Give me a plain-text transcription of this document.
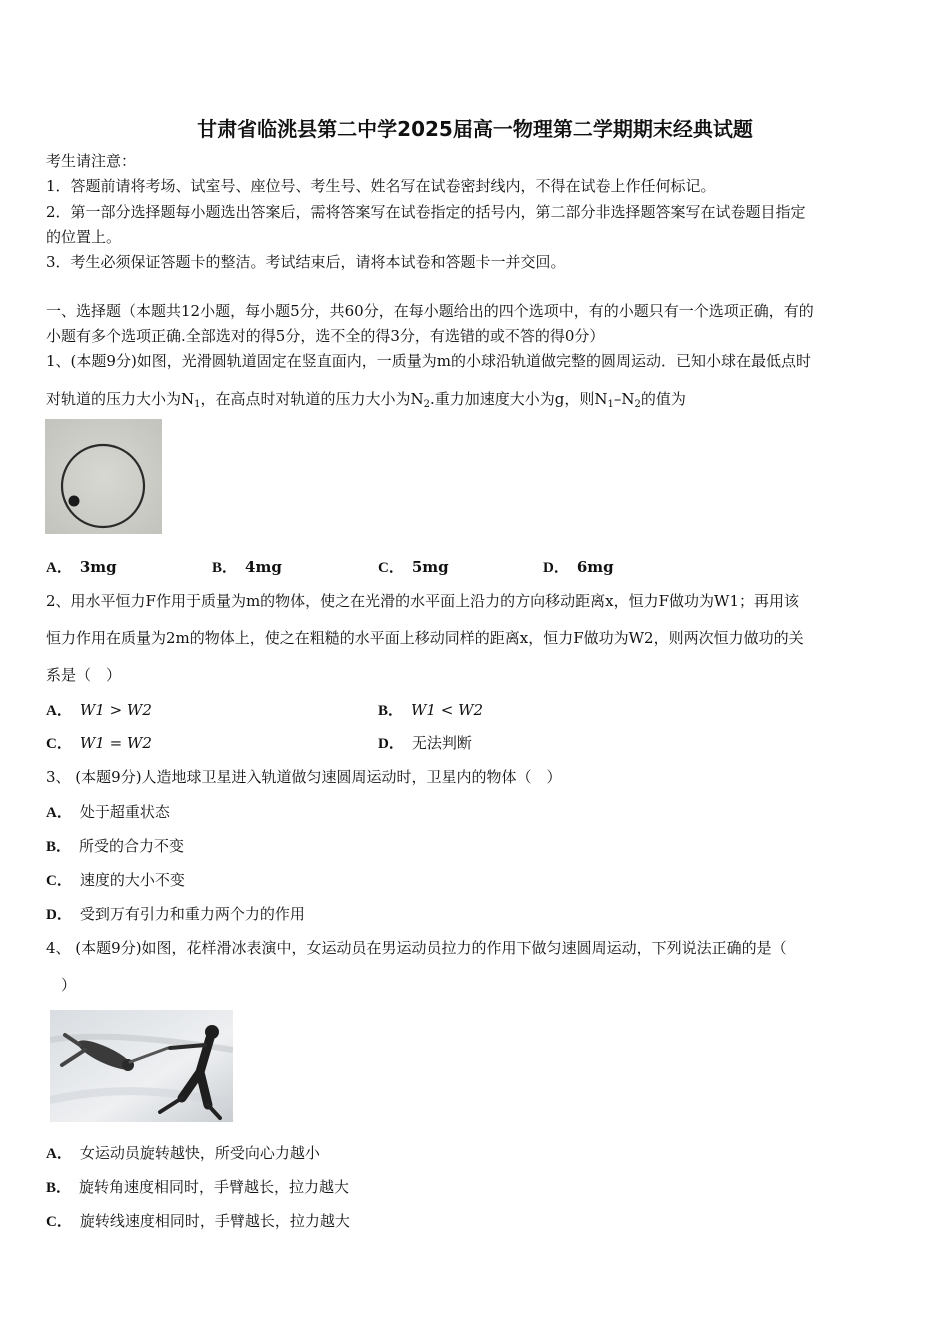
甘肃省临洮县第二中学2025届高一物理第二学期期末经典试题
考生请注意：
1．答题前请将考场、试室号、座位号、考生号、姓名写在试卷密封线内，不得在试卷上作任何标记。
2．第一部分选择题每小题选出答案后，需将答案写在试卷指定的括号内，第二部分非选择题答案写在试卷题目指定
的位置上。
3．考生必须保证答题卡的整洁。考试结束后，请将本试卷和答题卡一并交回。
一、选择题（本题共12小题，每小题5分，共60分，在每小题给出的四个选项中，有的小题只有一个选项正确，有的
小题有多个选项正确.全部选对的得5分，选不全的得3分，有选错的或不答的得0分）
1、(本题9分)如图，光滑圆轨道固定在竖直面内，一质量为m的小球沿轨道做完整的圆周运动．已知小球在最低点时
对轨道的压力大小为$N_1$，在高点时对轨道的压力大小为$N_2$.重力加速度大小为g，则$N_1-N_2$的值为
A． 3mg	B． 4mg	C． 5mg	D． 6mg
2、用水平恒力F作用于质量为m的物体，使之在光滑的水平面上沿力的方向移动距离x，恒力F做功为W1；再用该
恒力作用在质量为2m的物体上，使之在粗糙的水平面上移动同样的距离x，恒力F做功为W2，则两次恒力做功的关
系是（　）
A． W1 > W2	B． W1 < W2
C． W1 = W2	D． 无法判断
3、 (本题9分)人造地球卫星进入轨道做匀速圆周运动时，卫星内的物体（　）
A． 处于超重状态
B． 所受的合力不变
C． 速度的大小不变
D． 受到万有引力和重力两个力的作用
4、 (本题9分)如图，花样滑冰表演中，女运动员在男运动员拉力的作用下做匀速圆周运动，下列说法正确的是（
　）
A． 女运动员旋转越快，所受向心力越小
B． 旋转角速度相同时，手臂越长，拉力越大
C． 旋转线速度相同时，手臂越长，拉力越大
